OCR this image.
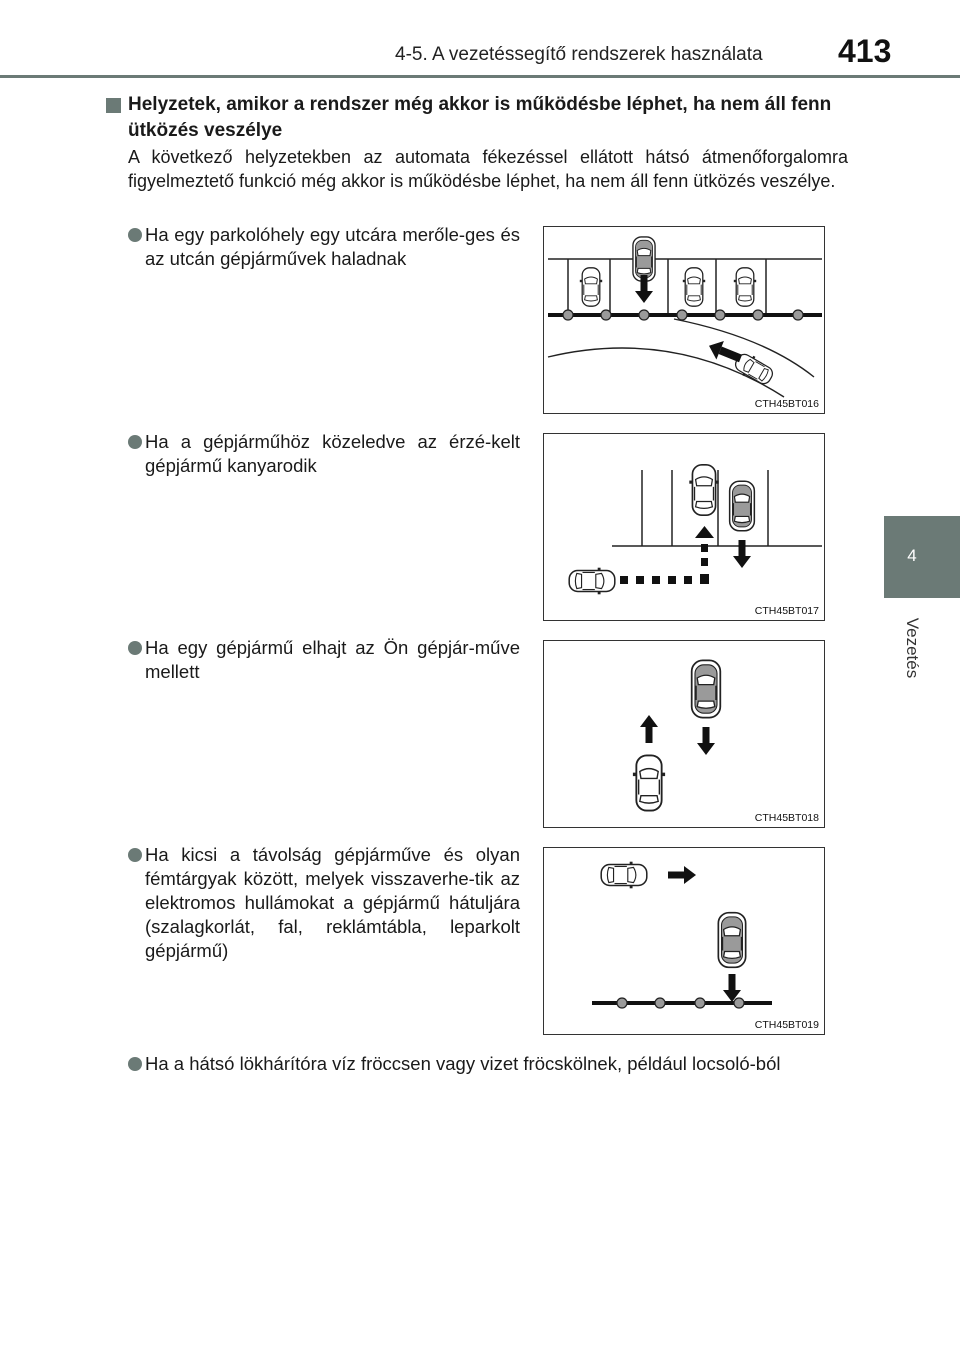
4-5. A vezetéssegítő rendszerek használata 413
4
Vezetés
Helyzetek, amikor a rendszer még akkor is működésbe léphet, ha nem áll fenn ütközés veszélye
A következő helyzetekben az automata fékezéssel ellátott hátsó átmenőforgalomra figyelmeztető funkció még akkor is működésbe léphet, ha nem áll fenn ütközés veszélye.
Ha egy parkolóhely egy utcára merőle-ges és az utcán gépjárművek haladnak
CTH45BT016
Ha a gépjárműhöz közeledve az érzé-kelt gépjármű kanyarodik
CTH45BT017
Ha egy gépjármű elhajt az Ön gépjár-műve mellett
CTH45BT018
Ha kicsi a távolság gépjárműve és olyan fémtárgyak között, melyek visszaverhe-tik az elektromos hullámokat a gépjármű hátuljára (szalagkorlát, fal, reklámtábla, leparkolt gépjármű)
CTH45BT019
Ha a hátsó lökhárítóra víz fröccsen vagy vizet fröcskölnek, például locsoló-ból
